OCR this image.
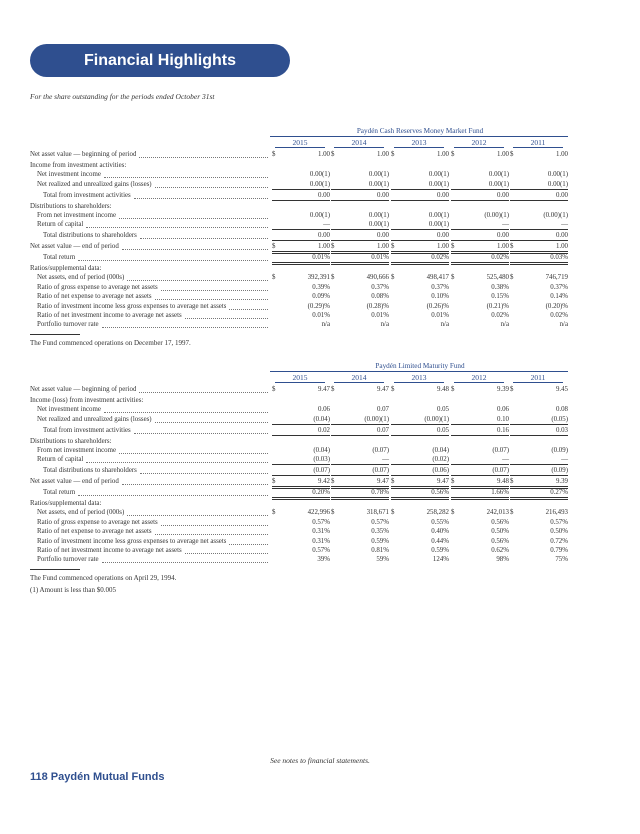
Financial Highlights
For the share outstanding for the periods ended October 31st
See notes to financial statements.
118 Paydén Mutual Funds
Paydén Cash Reserves Money Market Fund
2015	2014	2013	2012	2011
Net asset value — beginning of period	$	1.00 $	1.00 $	1.00 $	1.00 $	1.00
Income from investment activities:
Net investment income	0.00(1)	0.00(1)	0.00(1)	0.00(1)	0.00(1)
Net realized and unrealized gains (losses)	0.00(1)	0.00(1)	0.00(1)	0.00(1)	0.00(1)
Total from investment activities	0.00	0.00	0.00	0.00	0.00
Distributions to shareholders:
From net investment income	0.00(1)	0.00(1)	0.00(1)	(0.00)(1)	(0.00)(1)
Return of capital	—	0.00(1)	0.00(1)	—	—
Total distributions to shareholders	0.00	0.00	0.00	0.00	0.00
Net asset value — end of period	$	1.00 $	1.00 $	1.00 $	1.00 $	1.00
Total return	0.01%	0.01%	0.02%	0.02%	0.03%
Ratios/supplemental data:
Net assets, end of period (000s)	$	392,391 $	490,666 $	498,417 $	525,480 $	746,719
Ratio of gross expense to average net assets	0.39%	0.37%	0.37%	0.38%	0.37%
Ratio of net expense to average net assets	0.09%	0.08%	0.10%	0.15%	0.14%
Ratio of investment income less gross expenses to average net assets	(0.29)%	(0.28)%	(0.26)%	(0.21)%	(0.20)%
Ratio of net investment income to average net assets	0.01%	0.01%	0.01%	0.02%	0.02%
Portfolio turnover rate	n/a	n/a	n/a	n/a	n/a
The Fund commenced operations on December 17, 1997.
Paydén Limited Maturity Fund
2015	2014	2013	2012	2011
Net asset value — beginning of period	$	9.47 $	9.47 $	9.48 $	9.39 $	9.45
Income (loss) from investment activities:
Net investment income	0.06	0.07	0.05	0.06	0.08
Net realized and unrealized gains (losses)	(0.04)	(0.00)(1)	(0.00)(1)	0.10	(0.05)
Total from investment activities	0.02	0.07	0.05	0.16	0.03
Distributions to shareholders:
From net investment income	(0.04)	(0.07)	(0.04)	(0.07)	(0.09)
Return of capital	(0.03)	—	(0.02)	—	—
Total distributions to shareholders	(0.07)	(0.07)	(0.06)	(0.07)	(0.09)
Net asset value — end of period	$	9.42 $	9.47 $	9.47 $	9.48 $	9.39
Total return	0.20%	0.78%	0.56%	1.66%	0.27%
Ratios/supplemental data:
Net assets, end of period (000s)	$	422,996 $	318,671 $	258,282 $	242,013 $	216,493
Ratio of gross expense to average net assets	0.57%	0.57%	0.55%	0.56%	0.57%
Ratio of net expense to average net assets	0.31%	0.35%	0.40%	0.50%	0.50%
Ratio of investment income less gross expenses to average net assets	0.31%	0.59%	0.44%	0.56%	0.72%
Ratio of net investment income to average net assets	0.57%	0.81%	0.59%	0.62%	0.79%
Portfolio turnover rate	39%	59%	124%	98%	75%
The Fund commenced operations on April 29, 1994.
(1) Amount is less than $0.005
